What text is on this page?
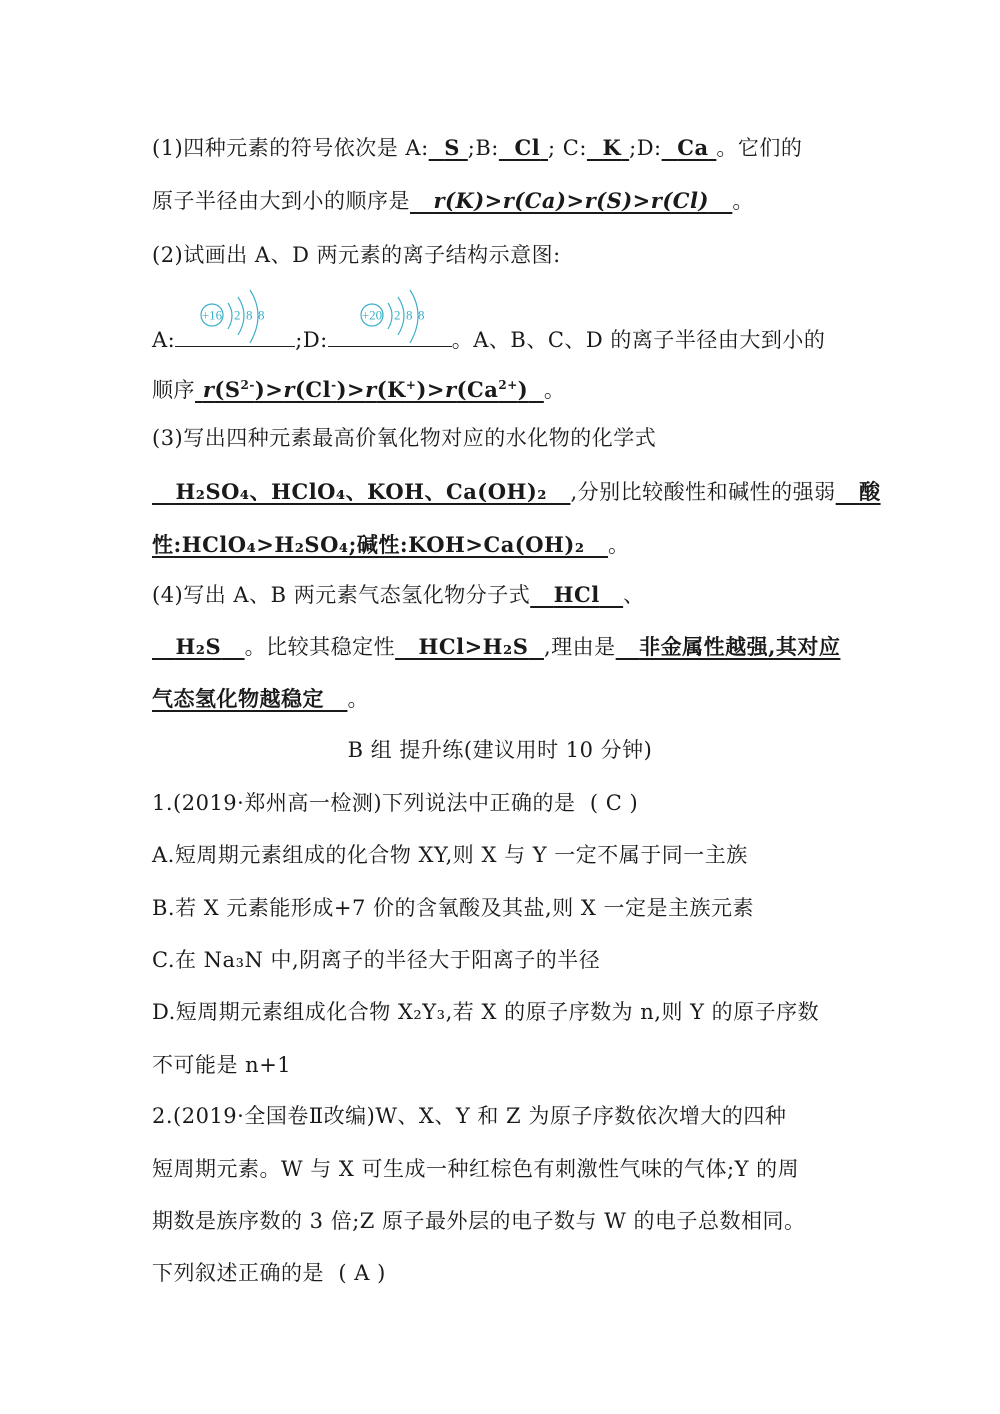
(1)四种元素的符号依次是 A: S ;B: Cl ; C: K ;D: Ca 。它们的
原子半径由大到小的顺序是 r(K)>r(Ca)>r(S)>r(Cl) 。
(2)试画出 A、D 两元素的离子结构示意图:
+16 2 8 8	+20 2 8 8
A:	;D:	。A、B、C、D 的离子半径由大到小的
顺序 $r(S^{2-})>r(Cl^-)>r(K^+)>r(Ca^{2+})$ 。
(3)写出四种元素最高价氧化物对应的水化物的化学式
H₂SO₄、HClO₄、KOH、Ca(OH)₂ ,分别比较酸性和碱性的强弱 酸
性:HClO₄>H₂SO₄;碱性:KOH>Ca(OH)₂ 。
(4)写出 A、B 两元素气态氢化物分子式 HCl 、
H₂S 。比较其稳定性 HCl>H₂S ,理由是 非金属性越强,其对应
气态氢化物越稳定 。
B 组 提升练(建议用时 10 分钟)
1.(2019·郑州高一检测)下列说法中正确的是 ( C )
A.短周期元素组成的化合物 XY,则 X 与 Y 一定不属于同一主族
B.若 X 元素能形成+7 价的含氧酸及其盐,则 X 一定是主族元素
C.在 Na₃N 中,阴离子的半径大于阳离子的半径
D.短周期元素组成化合物 X₂Y₃,若 X 的原子序数为 n,则 Y 的原子序数
不可能是 n+1
2.(2019·全国卷Ⅱ改编)W、X、Y 和 Z 为原子序数依次增大的四种
短周期元素。W 与 X 可生成一种红棕色有刺激性气味的气体;Y 的周
期数是族序数的 3 倍;Z 原子最外层的电子数与 W 的电子总数相同。
下列叙述正确的是 ( A )
